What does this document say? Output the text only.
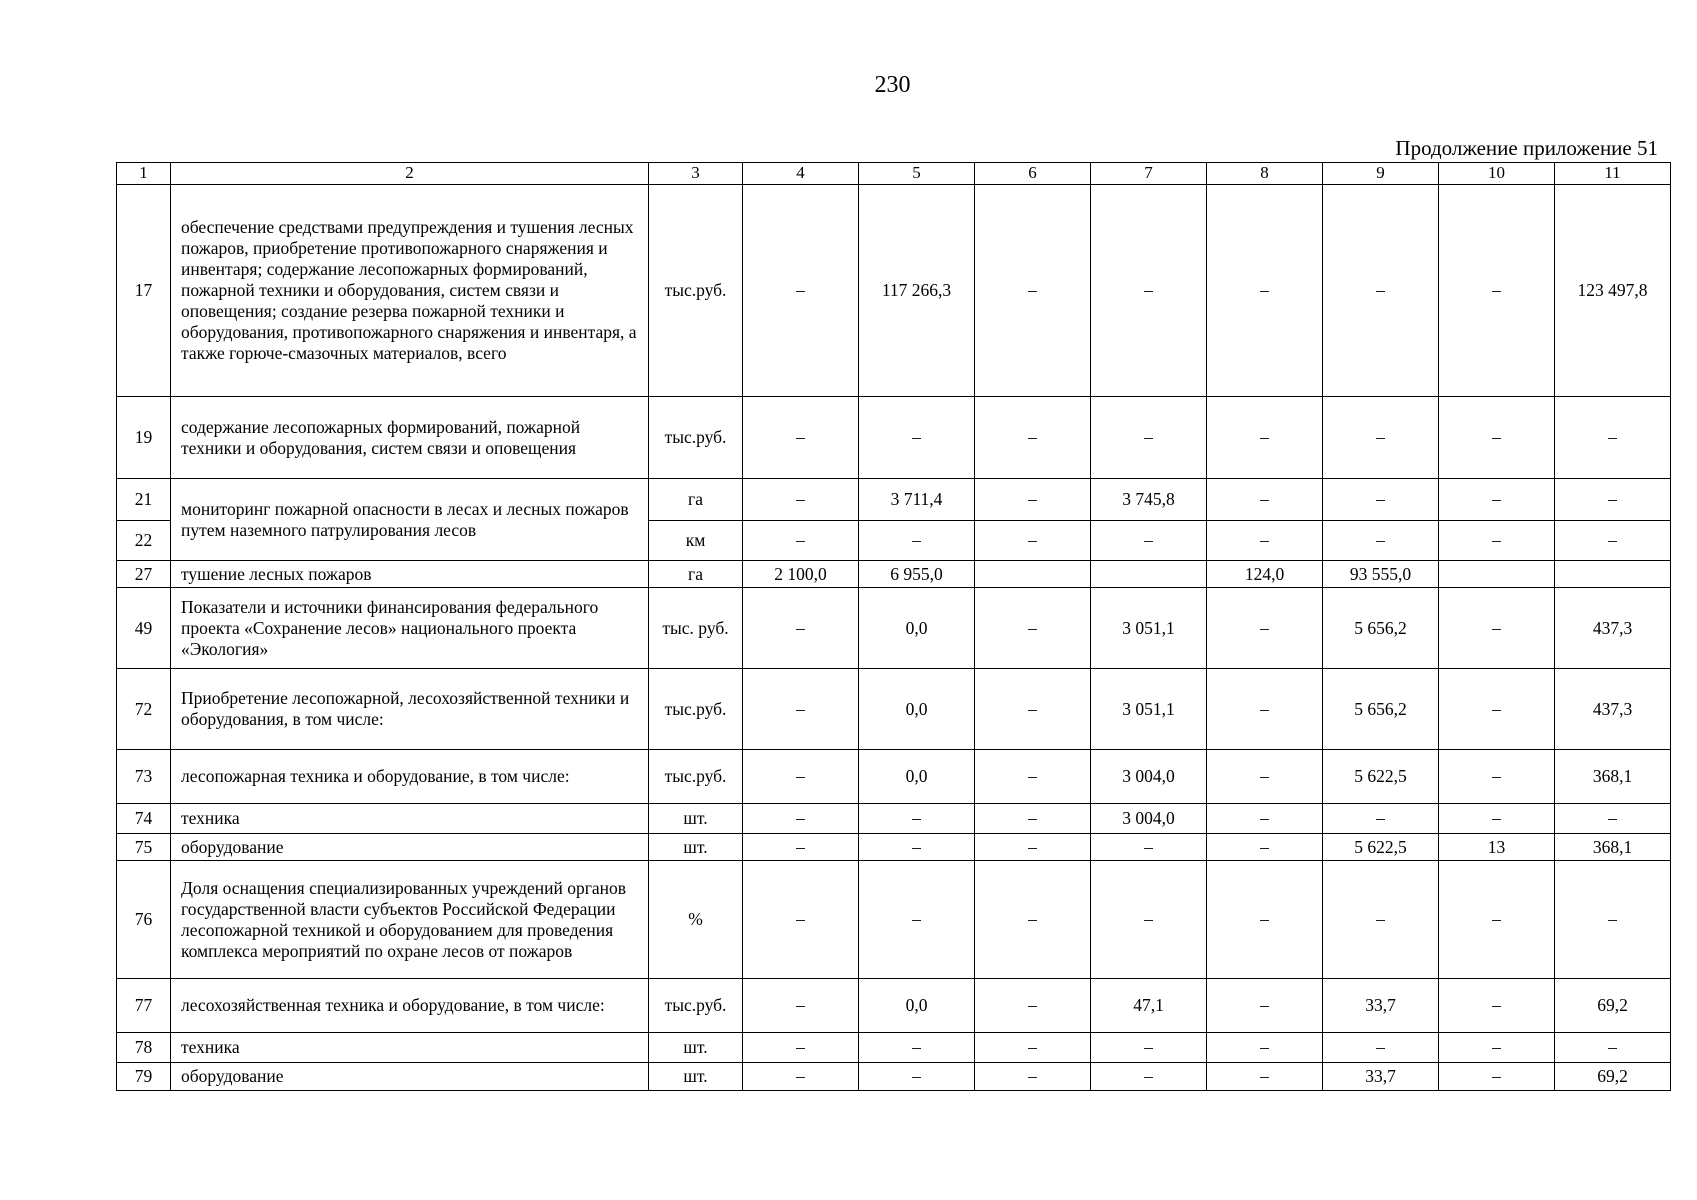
230
Продолжение приложение 51
1	2	3	4	5	6	7	8	9	10	11
17	обеспечение средствами предупреждения и тушения лесных пожаров, приобретение противопожарного снаряжения и инвентаря; содержание лесопожарных формирований, пожарной техники и оборудования, систем связи и оповещения; создание резерва пожарной техники и оборудования, противопожарного снаряжения и инвентаря, а также горюче-смазочных материалов, всего	тыс.руб.	–	117 266,3	–	–	–	–	–	123 497,8
19	содержание лесопожарных формирований, пожарной техники и оборудования, систем связи и оповещения	тыс.руб.	–	–	–	–	–	–	–	–
21	мониторинг пожарной опасности в лесах и лесных пожаров путем наземного патрулирования лесов	га	–	3 711,4	–	3 745,8	–	–	–	–
22		км	–	–	–	–	–	–	–	–
27	тушение лесных пожаров	га	2 100,0	6 955,0			124,0	93 555,0		
49	Показатели и источники финансирования федерального проекта «Сохранение лесов» национального проекта «Экология»	тыс. руб.	–	0,0	–	3 051,1	–	5 656,2	–	437,3
72	Приобретение лесопожарной, лесохозяйственной техники и оборудования, в том числе:	тыс.руб.	–	0,0	–	3 051,1	–	5 656,2	–	437,3
73	лесопожарная техника и оборудование, в том числе:	тыс.руб.	–	0,0	–	3 004,0	–	5 622,5	–	368,1
74	техника	шт.	–	–	–	3 004,0	–	–	–	–
75	оборудование	шт.	–	–	–	–	–	5 622,5	13	368,1
76	Доля оснащения специализированных учреждений органов государственной власти субъектов Российской Федерации лесопожарной техникой и оборудованием для проведения комплекса мероприятий по охране лесов от пожаров	%	–	–	–	–	–	–	–	–
77	лесохозяйственная техника и оборудование, в том числе:	тыс.руб.	–	0,0	–	47,1	–	33,7	–	69,2
78	техника	шт.	–	–	–	–	–	–	–	–
79	оборудование	шт.	–	–	–	–	–	33,7	–	69,2
